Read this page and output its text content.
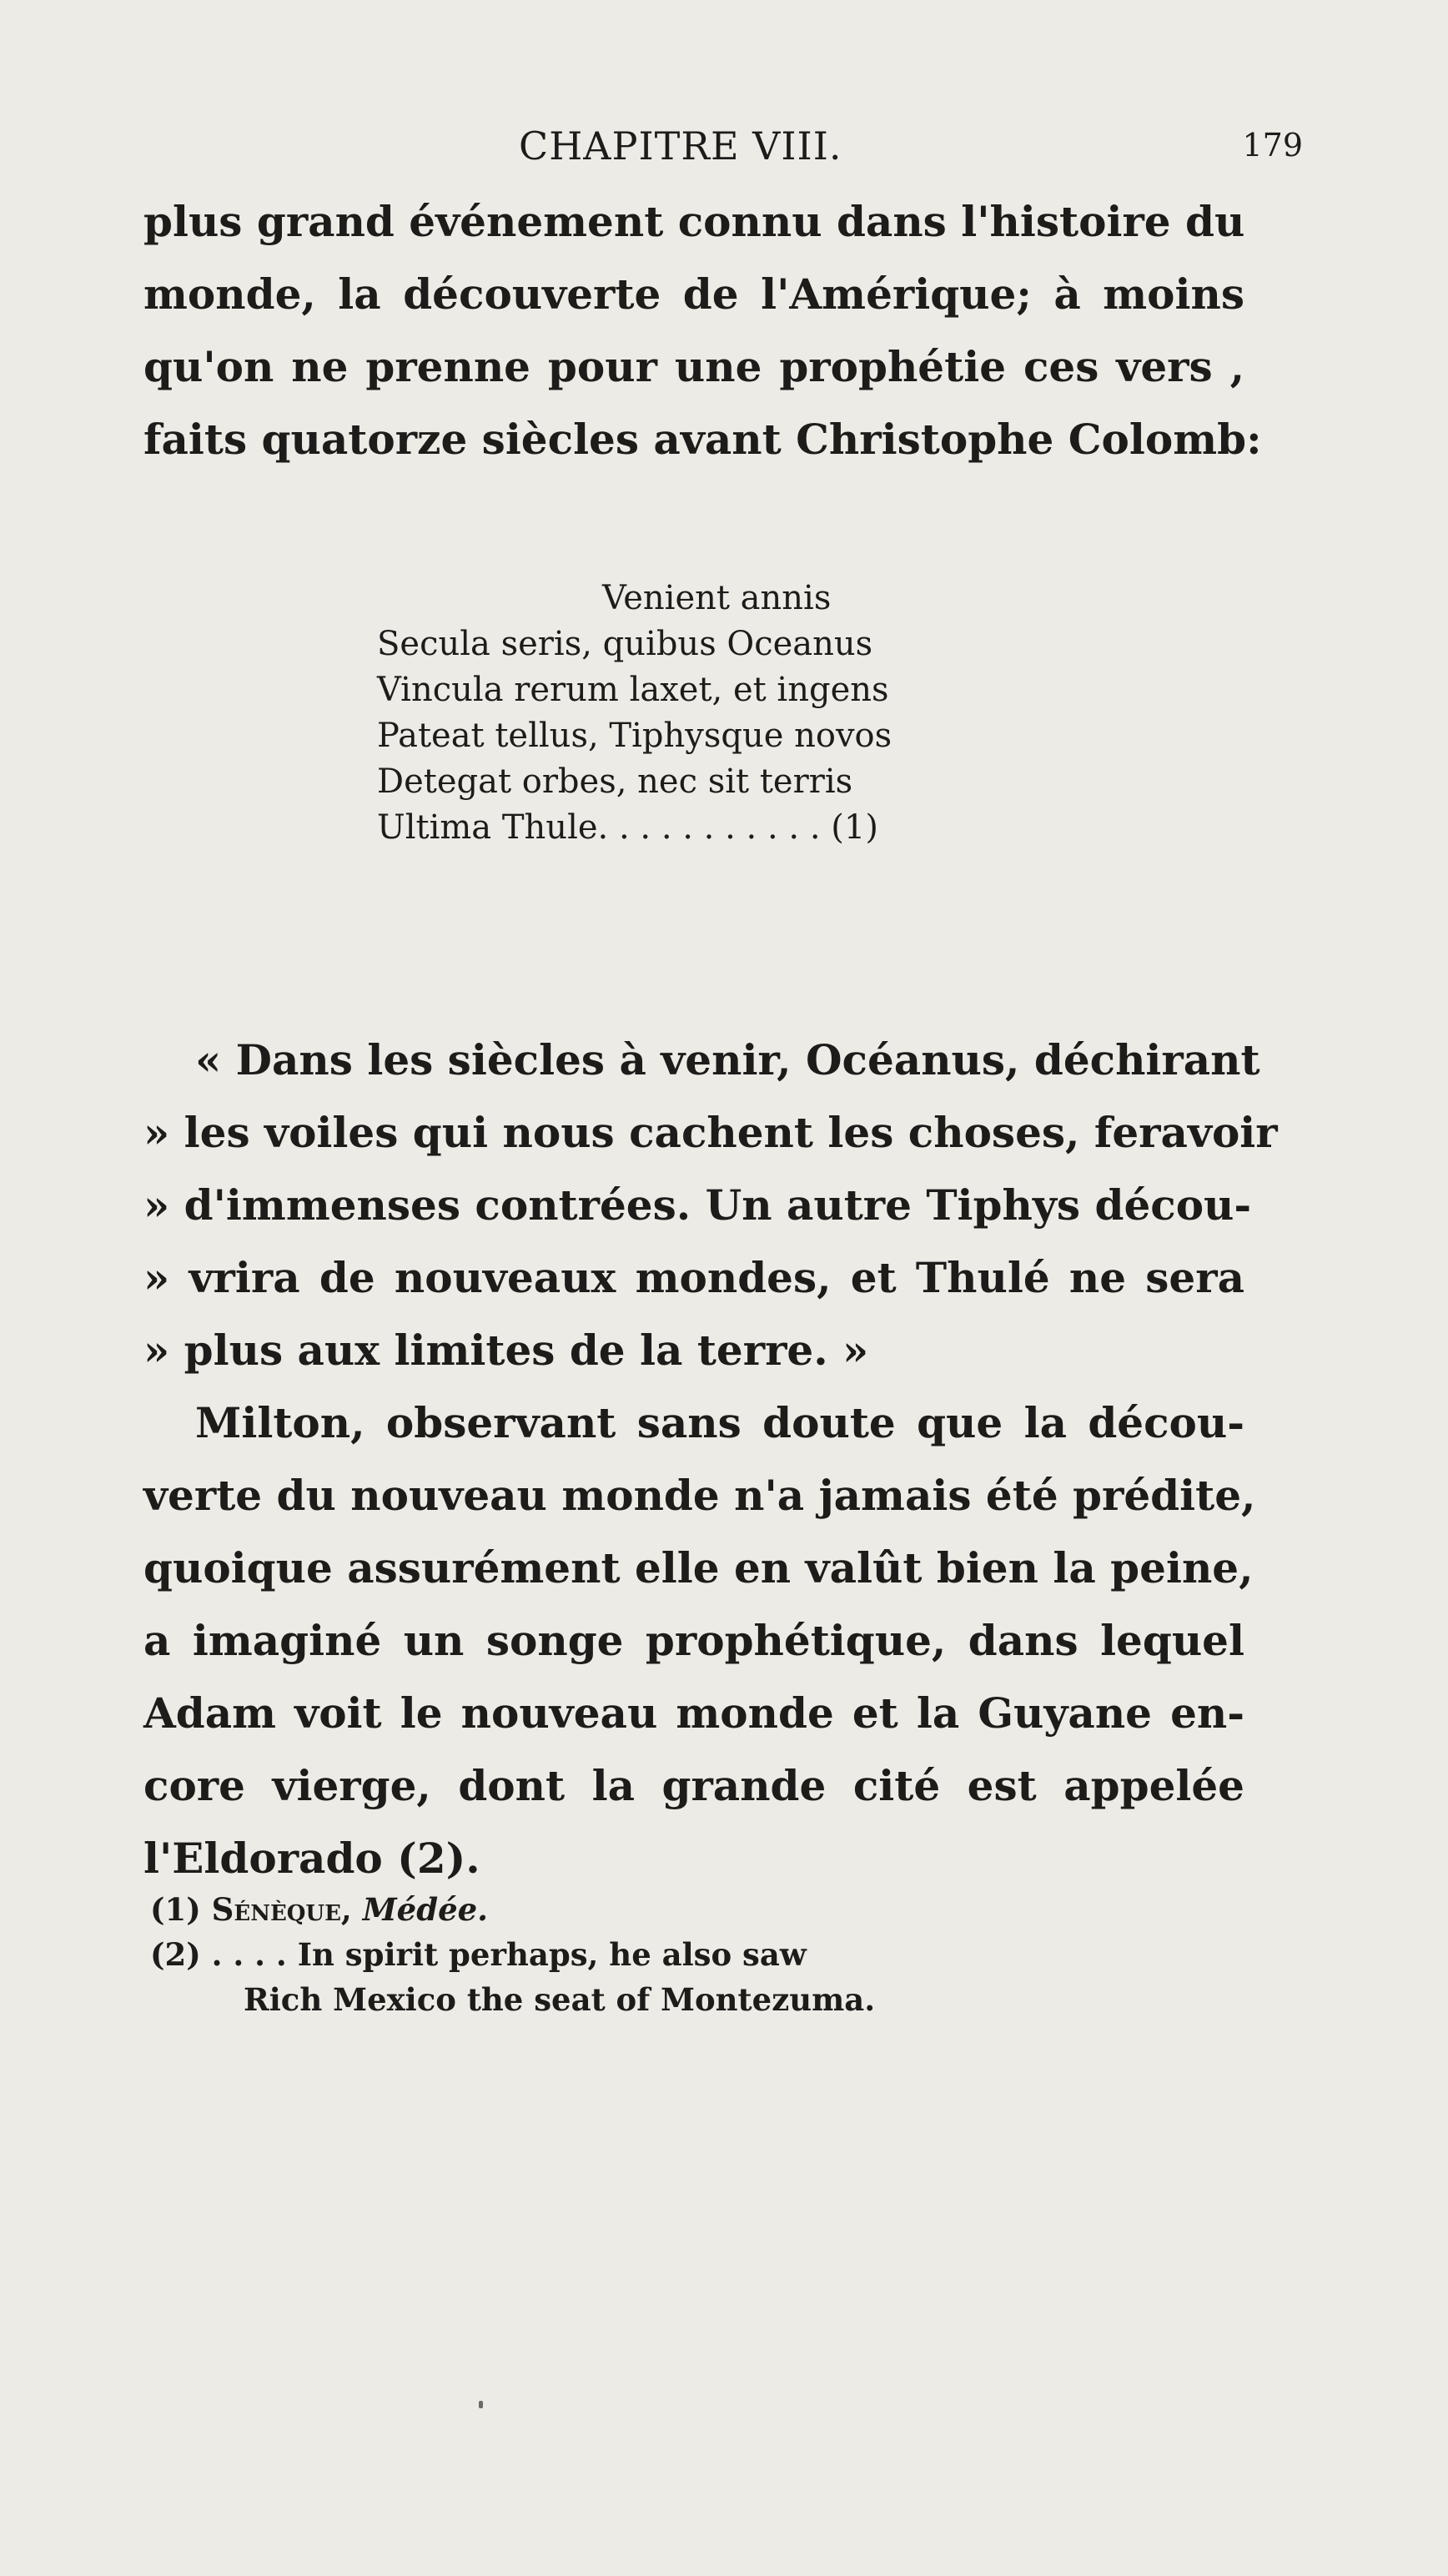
CHAPITRE VIII.	179
plus grand événement connu dans l'histoire du
monde, la découverte de l'Amérique; à moins
qu'on ne prenne pour une prophétie ces vers ,
faits quatorze siècles avant Christophe Colomb:
Venient annis
Secula seris, quibus Oceanus
Vincula rerum laxet, et ingens
Pateat tellus, Tiphysque novos
Detegat orbes, nec sit terris
Ultima Thule. . . . . . . . . . . (1)
« Dans les siècles à venir, Océanus, déchirant
» les voiles qui nous cachent les choses, feravoir
» d'immenses contrées. Un autre Tiphys décou-
» vrira de nouveaux mondes, et Thulé ne sera
» plus aux limites de la terre. »
Milton, observant sans doute que la décou-
verte du nouveau monde n'a jamais été prédite,
quoique assurément elle en valût bien la peine,
a imaginé un songe prophétique, dans lequel
Adam voit le nouveau monde et la Guyane en-
core vierge, dont la grande cité est appelée
l'Eldorado (2).
(1) Sénèque, Médée.
(2) . . . . In spirit perhaps, he also saw
Rich Mexico the seat of Montezuma.
